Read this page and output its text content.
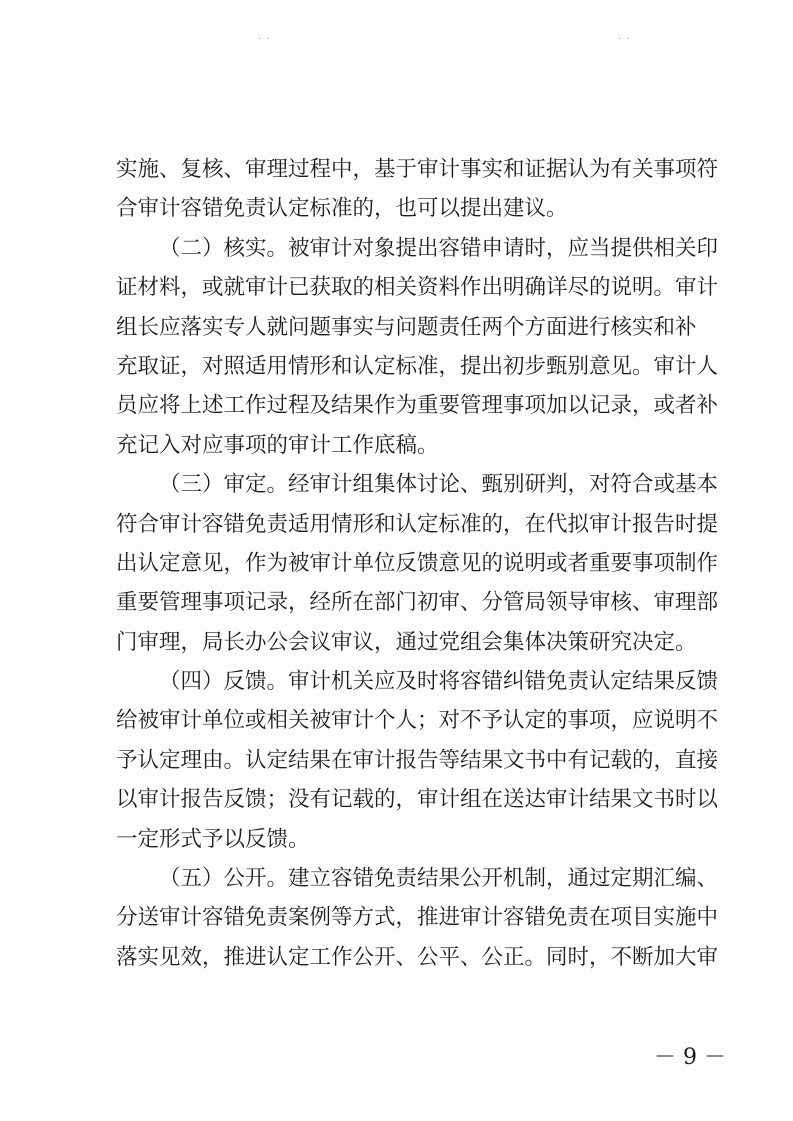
· ·	· ·
实施、复核、审理过程中，基于审计事实和证据认为有关事项符
合审计容错免责认定标准的，也可以提出建议。
（二）核实。被审计对象提出容错申请时，应当提供相关印
证材料，或就审计已获取的相关资料作出明确详尽的说明。审计
组长应落实专人就问题事实与问题责任两个方面进行核实和补
充取证，对照适用情形和认定标准，提出初步甄别意见。审计人
员应将上述工作过程及结果作为重要管理事项加以记录，或者补
充记入对应事项的审计工作底稿。
（三）审定。经审计组集体讨论、甄别研判，对符合或基本
符合审计容错免责适用情形和认定标准的，在代拟审计报告时提
出认定意见，作为被审计单位反馈意见的说明或者重要事项制作
重要管理事项记录，经所在部门初审、分管局领导审核、审理部
门审理，局长办公会议审议，通过党组会集体决策研究决定。
（四）反馈。审计机关应及时将容错纠错免责认定结果反馈
给被审计单位或相关被审计个人；对不予认定的事项，应说明不
予认定理由。认定结果在审计报告等结果文书中有记载的，直接
以审计报告反馈；没有记载的，审计组在送达审计结果文书时以
一定形式予以反馈。
（五）公开。建立容错免责结果公开机制，通过定期汇编、
分送审计容错免责案例等方式，推进审计容错免责在项目实施中
落实见效，推进认定工作公开、公平、公正。同时，不断加大审
－ 9 －
